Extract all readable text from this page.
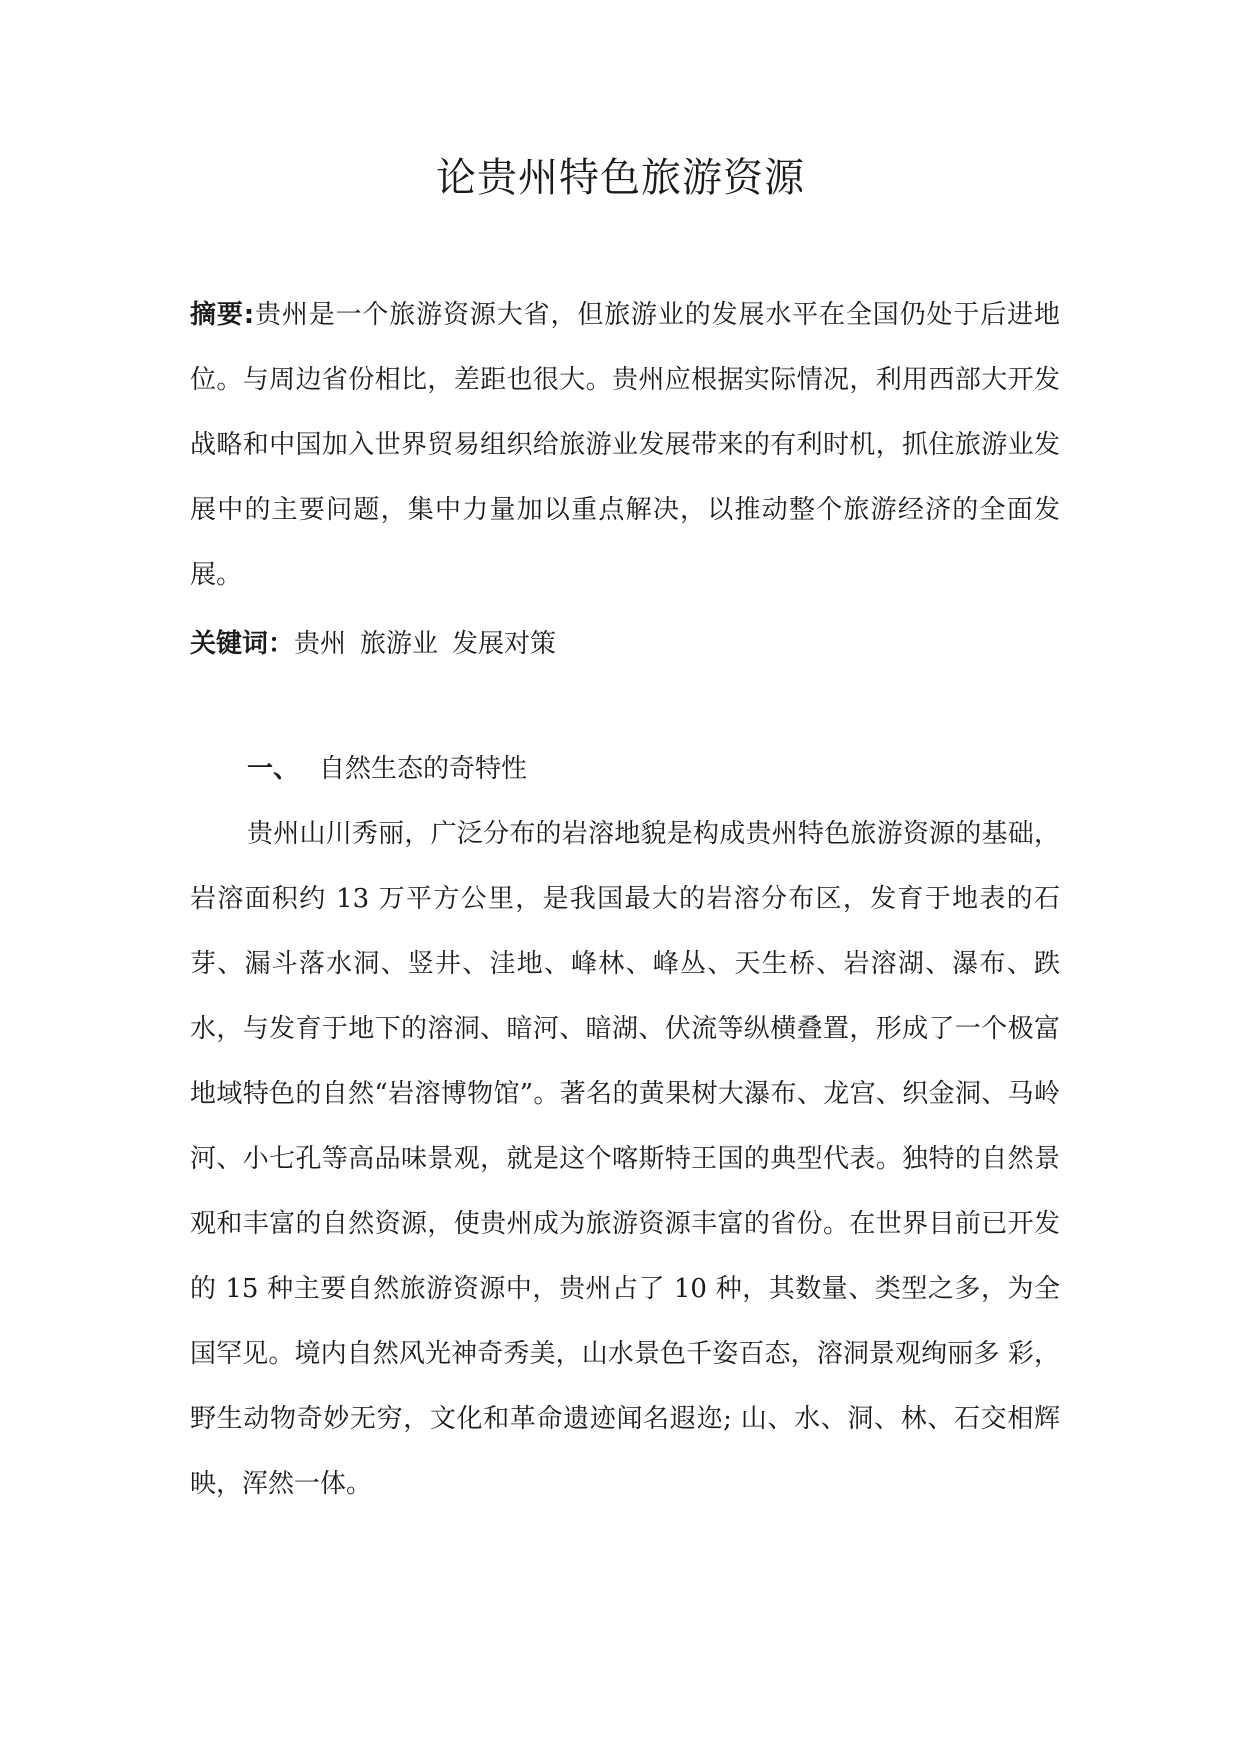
论贵州特色旅游资源

摘要:贵州是一个旅游资源大省，但旅游业的发展水平在全国仍处于后进地位。与周边省份相比，差距也很大。贵州应根据实际情况，利用西部大开发战略和中国加入世界贸易组织给旅游业发展带来的有利时机，抓住旅游业发展中的主要问题，集中力量加以重点解决，以推动整个旅游经济的全面发展。

关键词：贵州 旅游业 发展对策

一、 自然生态的奇特性

贵州山川秀丽，广泛分布的岩溶地貌是构成贵州特色旅游资源的基础，岩溶面积约 13 万平方公里，是我国最大的岩溶分布区，发育于地表的石芽、漏斗落水洞、竖井、洼地、峰林、峰丛、天生桥、岩溶湖、瀑布、跌水，与发育于地下的溶洞、暗河、暗湖、伏流等纵横叠置，形成了一个极富地域特色的自然“岩溶博物馆”。著名的黄果树大瀑布、龙宫、织金洞、马岭河、小七孔等高品味景观，就是这个喀斯特王国的典型代表。独特的自然景观和丰富的自然资源，使贵州成为旅游资源丰富的省份。在世界目前已开发的 15 种主要自然旅游资源中，贵州占了 10 种，其数量、类型之多，为全国罕见。境内自然风光神奇秀美，山水景色千姿百态，溶洞景观绚丽多 彩，野生动物奇妙无穷，文化和革命遗迹闻名遐迩; 山、水、洞、林、石交相辉映，浑然一体。
